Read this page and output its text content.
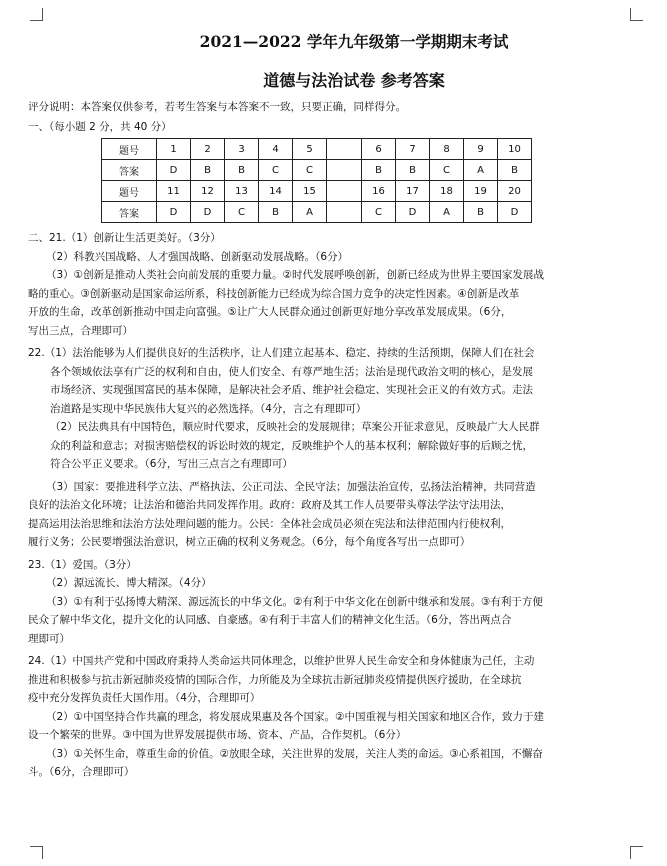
2021—2022 学年九年级第一学期期末考试
道德与法治试卷 参考答案
评分说明：本答案仅供参考，若考生答案与本答案不一致，只要正确，同样得分。
一、（每小题 2 分，共 40 分）
题号	1	2	3	4	5		6	7	8	9	10
答案	D	B	B	C	C		B	B	C	A	B
题号	11	12	13	14	15		16	17	18	19	20
答案	D	D	C	B	A		C	D	A	B	D
二、21.（1）创新让生活更美好。（3分）
（2）科教兴国战略、人才强国战略、创新驱动发展战略。（6分）
（3）①创新是推动人类社会向前发展的重要力量。②时代发展呼唤创新，创新已经成为世界主要国家发展战
略的重心。③创新驱动是国家命运所系，科技创新能力已经成为综合国力竞争的决定性因素。④创新是改革
开放的生命，改革创新推动中国走向富强。⑤让广大人民群众通过创新更好地分享改革发展成果。（6分，
写出三点，合理即可）
22.（1）法治能够为人们提供良好的生活秩序，让人们建立起基本、稳定、持续的生活预期，保障人们在社会
各个领域依法享有广泛的权利和自由，使人们安全、有尊严地生活；法治是现代政治文明的核心，是发展
市场经济、实现强国富民的基本保障，是解决社会矛盾、维护社会稳定、实现社会正义的有效方式。走法
治道路是实现中华民族伟大复兴的必然选择。（4分，言之有理即可）
（2）民法典具有中国特色，顺应时代要求，反映社会的发展规律；草案公开征求意见，反映最广大人民群
众的利益和意志；对损害赔偿权的诉讼时效的规定，反映维护个人的基本权利；解除做好事的后顾之忧，
符合公平正义要求。（6分，写出三点言之有理即可）
（3）国家：要推进科学立法、严格执法、公正司法、全民守法；加强法治宣传，弘扬法治精神，共同营造
良好的法治文化环境；让法治和德治共同发挥作用。政府：政府及其工作人员要带头尊法学法守法用法，
提高运用法治思维和法治方法处理问题的能力。公民：全体社会成员必须在宪法和法律范围内行使权利，
履行义务；公民要增强法治意识，树立正确的权利义务观念。（6分，每个角度各写出一点即可）
23.（1）爱国。（3分）
（2）源远流长、博大精深。（4分）
（3）①有利于弘扬博大精深、源远流长的中华文化。②有利于中华文化在创新中继承和发展。③有利于方便
民众了解中华文化，提升文化的认同感、自豪感。④有利于丰富人们的精神文化生活。（6分，答出两点合
理即可）
24.（1）中国共产党和中国政府秉持人类命运共同体理念，以维护世界人民生命安全和身体健康为己任，主动
推进和积极参与抗击新冠肺炎疫情的国际合作，力所能及为全球抗击新冠肺炎疫情提供医疗援助，在全球抗
疫中充分发挥负责任大国作用。（4分，合理即可）
（2）①中国坚持合作共赢的理念，将发展成果惠及各个国家。②中国重视与相关国家和地区合作，致力于建
设一个繁荣的世界。③中国为世界发展提供市场、资本、产品，合作契机。（6分）
（3）①关怀生命，尊重生命的价值。②放眼全球，关注世界的发展，关注人类的命运。③心系祖国，不懈奋
斗。（6分，合理即可）
